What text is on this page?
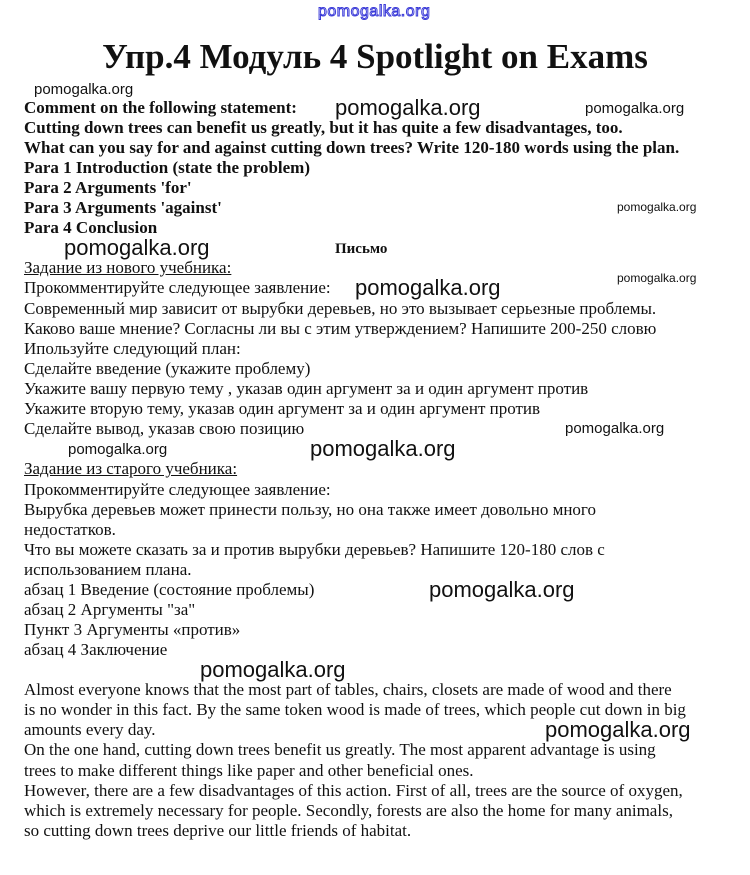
pomogalka.org
Упр.4 Модуль 4 Spotlight on Exams
Comment on the following statement:
Cutting down trees can benefit us greatly, but it has quite a few disadvantages, too.
What can you say for and against cutting down trees? Write 120-180 words using the plan.
Para 1 Introduction (state the problem)
Para 2 Arguments 'for'
Para 3 Arguments 'against'
Para 4 Conclusion
Письмо
Задание из нового учебника:
Прокомментируйте следующее заявление:
Современный мир зависит от вырубки деревьев, но это вызывает серьезные проблемы.
Каково ваше мнение? Согласны ли вы с этим утверждением? Напишите 200-250 словю
Ипользуйте следующий план:
Сделайте введение (укажите проблему)
Укажите вашу первую тему , указав один аргумент за и один аргумент против
Укажите вторую тему, указав один аргумент за и один аргумент против
Сделайте вывод, указав свою позицию
Задание из старого учебника:
Прокомментируйте следующее заявление:
Вырубка деревьев может принести пользу, но она также имеет довольно много
недостатков.
Что вы можете сказать за и против вырубки деревьев? Напишите 120-180 слов с
использованием плана.
абзац 1 Введение (состояние проблемы)
абзац 2 Аргументы "за"
Пункт 3 Аргументы «против»
абзац 4 Заключение
Almost everyone knows that the most part of tables, chairs, closets are made of wood and there
is no wonder in this fact. By the same token wood is made of trees, which people cut down in big
amounts every day.
On the one hand, cutting down trees benefit us greatly. The most apparent advantage is using
trees to make different things like paper and other beneficial ones.
However, there are a few disadvantages of this action. First of all, trees are the source of oxygen,
which is extremely necessary for people. Secondly, forests are also the home for many animals,
so cutting down trees deprive our little friends of habitat.
pomogalka.org
pomogalka.org	pomogalka.org
pomogalka.org
pomogalka.org
pomogalka.org
pomogalka.org
pomogalka.org
pomogalka.org
pomogalka.org
pomogalka.org
pomogalka.org
pomogalka.org
